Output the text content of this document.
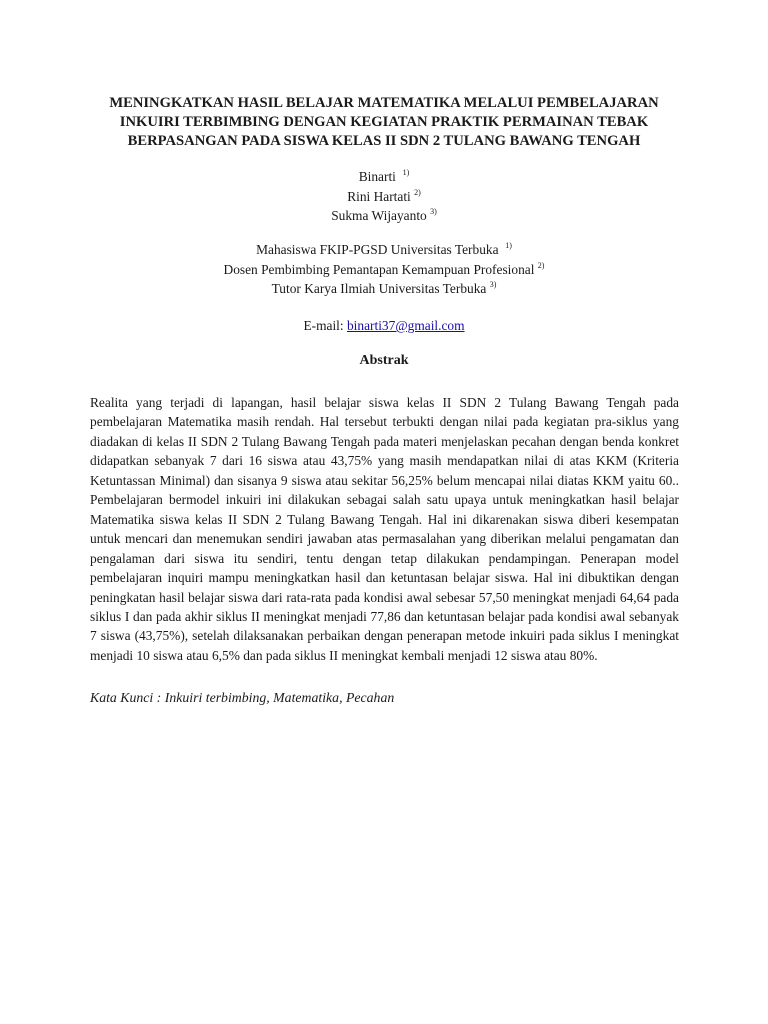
MENINGKATKAN HASIL BELAJAR MATEMATIKA MELALUI PEMBELAJARAN
INKUIRI TERBIMBING DENGAN KEGIATAN PRAKTIK PERMAINAN TEBAK
BERPASANGAN PADA SISWA KELAS II SDN 2 TULANG BAWANG TENGAH
Binarti $^{1)}$
Rini Hartati $^{2)}$
Sukma Wijayanto $^{3)}$
Mahasiswa FKIP-PGSD Universitas Terbuka $^{1)}$
Dosen Pembimbing Pemantapan Kemampuan Profesional $^{2)}$
Tutor Karya Ilmiah Universitas Terbuka $^{3)}$
E-mail: binarti37@gmail.com
Abstrak
Realita yang terjadi di lapangan, hasil belajar siswa kelas II SDN 2 Tulang Bawang Tengah pada pembelajaran Matematika masih rendah. Hal tersebut terbukti dengan nilai pada kegiatan pra-siklus yang diadakan di kelas II SDN 2 Tulang Bawang Tengah pada materi menjelaskan pecahan dengan benda konkret didapatkan sebanyak 7 dari 16 siswa atau 43,75% yang masih mendapatkan nilai di atas KKM (Kriteria Ketuntassan Minimal) dan sisanya 9 siswa atau sekitar 56,25% belum mencapai nilai diatas KKM yaitu 60.. Pembelajaran bermodel inkuiri ini dilakukan sebagai salah satu upaya untuk meningkatkan hasil belajar Matematika siswa kelas II SDN 2 Tulang Bawang Tengah. Hal ini dikarenakan siswa diberi kesempatan untuk mencari dan menemukan sendiri jawaban atas permasalahan yang diberikan melalui pengamatan dan pengalaman dari siswa itu sendiri, tentu dengan tetap dilakukan pendampingan. Penerapan model pembelajaran inquiri mampu meningkatkan hasil dan ketuntasan belajar siswa. Hal ini dibuktikan dengan peningkatan hasil belajar siswa dari rata-rata pada kondisi awal sebesar 57,50 meningkat menjadi 64,64 pada siklus I dan pada akhir siklus II meningkat menjadi 77,86 dan ketuntasan belajar pada kondisi awal sebanyak 7 siswa (43,75%), setelah dilaksanakan perbaikan dengan penerapan metode inkuiri pada siklus I meningkat menjadi 10 siswa atau 6,5% dan pada siklus II meningkat kembali menjadi 12 siswa atau 80%.
Kata Kunci : Inkuiri terbimbing, Matematika, Pecahan
